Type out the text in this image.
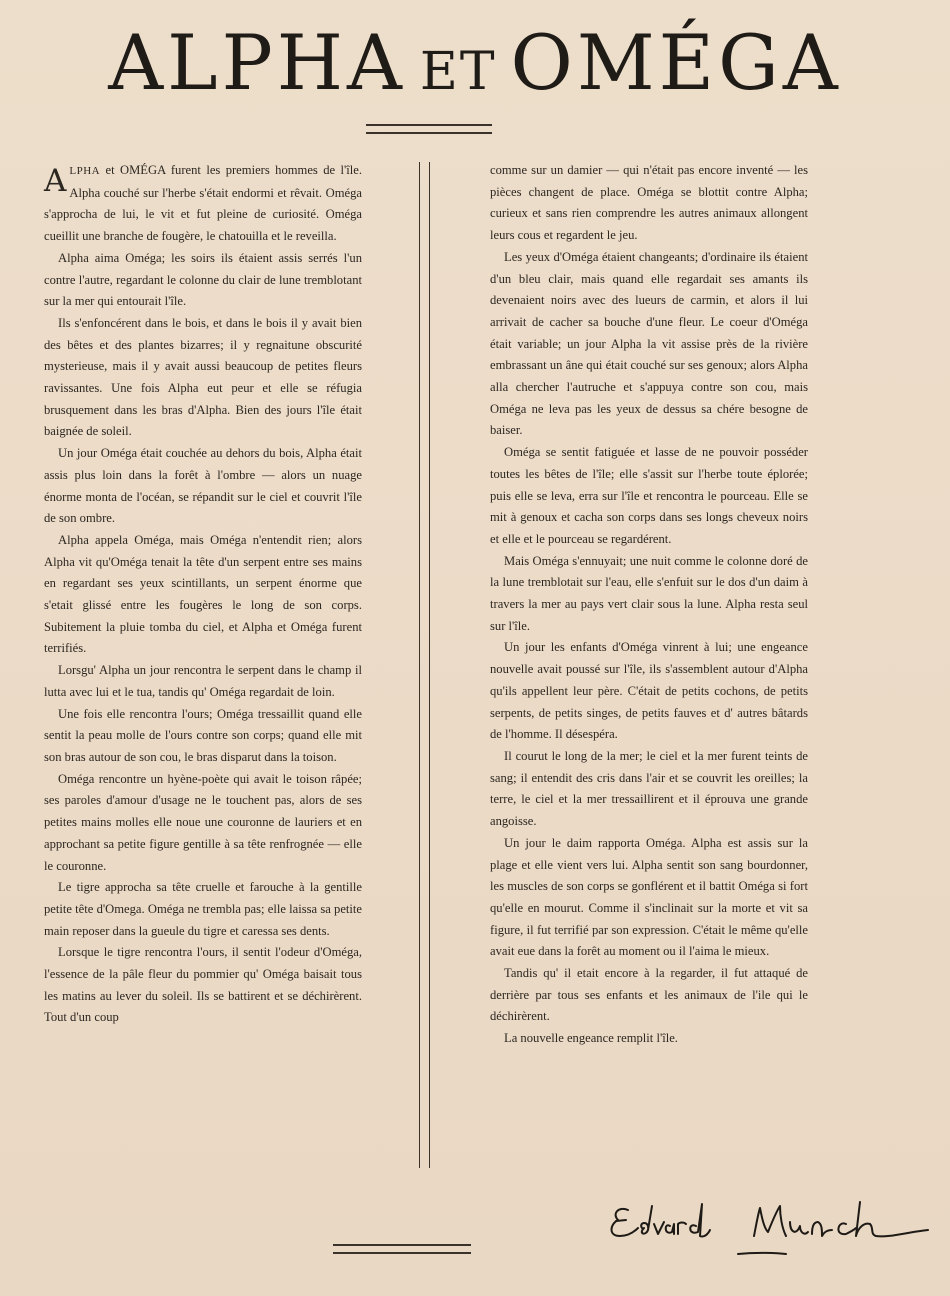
ALPHA ET OMÉGA

ALPHA et OMÉGA furent les premiers hommes de l'île. Alpha couché sur l'herbe s'était endormi et rêvait. Oméga s'approcha de lui, le vit et fut pleine de curiosité. Oméga cueillit une branche de fougère, le chatouilla et le reveilla.

Alpha aima Oméga; les soirs ils étaient assis serrés l'un contre l'autre, regardant le colonne du clair de lune tremblotant sur la mer qui entourait l'île.

Ils s'enfoncérent dans le bois, et dans le bois il y avait bien des bêtes et des plantes bizarres; il y regnaitune obscurité mysterieuse, mais il y avait aussi beaucoup de petites fleurs ravissantes. Une fois Alpha eut peur et elle se réfugia brusquement dans les bras d'Alpha. Bien des jours l'île était baignée de soleil.

Un jour Oméga était couchée au dehors du bois, Alpha était assis plus loin dans la forêt à l'ombre — alors un nuage énorme monta de l'océan, se répandit sur le ciel et couvrit l'île de son ombre.

Alpha appela Oméga, mais Oméga n'entendit rien; alors Alpha vit qu'Oméga tenait la tête d'un serpent entre ses mains en regardant ses yeux scintillants, un serpent énorme que s'etait glissé entre les fougères le long de son corps. Subitement la pluie tomba du ciel, et Alpha et Oméga furent terrifiés.

Lorsgu' Alpha un jour rencontra le serpent dans le champ il lutta avec lui et le tua, tandis qu' Oméga regardait de loin.

Une fois elle rencontra l'ours; Oméga tressaillit quand elle sentit la peau molle de l'ours contre son corps; quand elle mit son bras autour de son cou, le bras disparut dans la toison.

Oméga rencontre un hyène-poète qui avait le toison râpée; ses paroles d'amour d'usage ne le touchent pas, alors de ses petites mains molles elle noue une couronne de lauriers et en approchant sa petite figure gentille à sa tête renfrognée — elle le couronne.

Le tigre approcha sa tête cruelle et farouche à la gentille petite tête d'Omega. Oméga ne trembla pas; elle laissa sa petite main reposer dans la gueule du tigre et caressa ses dents.

Lorsque le tigre rencontra l'ours, il sentit l'odeur d'Oméga, l'essence de la pâle fleur du pommier qu' Oméga baisait tous les matins au lever du soleil. Ils se battirent et se déchirèrent. Tout d'un coup

comme sur un damier — qui n'était pas encore inventé — les pièces changent de place. Oméga se blottit contre Alpha; curieux et sans rien comprendre les autres animaux allongent leurs cous et regardent le jeu.

Les yeux d'Oméga étaient changeants; d'ordinaire ils étaient d'un bleu clair, mais quand elle regardait ses amants ils devenaient noirs avec des lueurs de carmin, et alors il lui arrivait de cacher sa bouche d'une fleur. Le coeur d'Oméga était variable; un jour Alpha la vit assise près de la rivière embrassant un âne qui était couché sur ses genoux; alors Alpha alla chercher l'autruche et s'appuya contre son cou, mais Oméga ne leva pas les yeux de dessus sa chére besogne de baiser.

Oméga se sentit fatiguée et lasse de ne pouvoir posséder toutes les bêtes de l'île; elle s'assit sur l'herbe toute éplorée; puis elle se leva, erra sur l'île et rencontra le pourceau. Elle se mit à genoux et cacha son corps dans ses longs cheveux noirs et elle et le pourceau se regardérent.

Mais Oméga s'ennuyait; une nuit comme le colonne doré de la lune tremblotait sur l'eau, elle s'enfuit sur le dos d'un daim à travers la mer au pays vert clair sous la lune. Alpha resta seul sur l'île.

Un jour les enfants d'Oméga vinrent à lui; une engeance nouvelle avait poussé sur l'île, ils s'assemblent autour d'Alpha qu'ils appellent leur père. C'était de petits cochons, de petits serpents, de petits singes, de petits fauves et d' autres bâtards de l'homme. Il désespéra.

Il courut le long de la mer; le ciel et la mer furent teints de sang; il entendit des cris dans l'air et se couvrit les oreilles; la terre, le ciel et la mer tressaillirent et il éprouva une grande angoisse.

Un jour le daim rapporta Oméga. Alpha est assis sur la plage et elle vient vers lui. Alpha sentit son sang bourdonner, les muscles de son corps se gonflérent et il battit Oméga si fort qu'elle en mourut. Comme il s'inclinait sur la morte et vit sa figure, il fut terrifié par son expression. C'était le même qu'elle avait eue dans la forêt au moment ou il l'aima le mieux.

Tandis qu' il etait encore à la regarder, il fut attaqué de derrière par tous ses enfants et les animaux de l'ile qui le déchirèrent.

La nouvelle engeance remplit l'île.
